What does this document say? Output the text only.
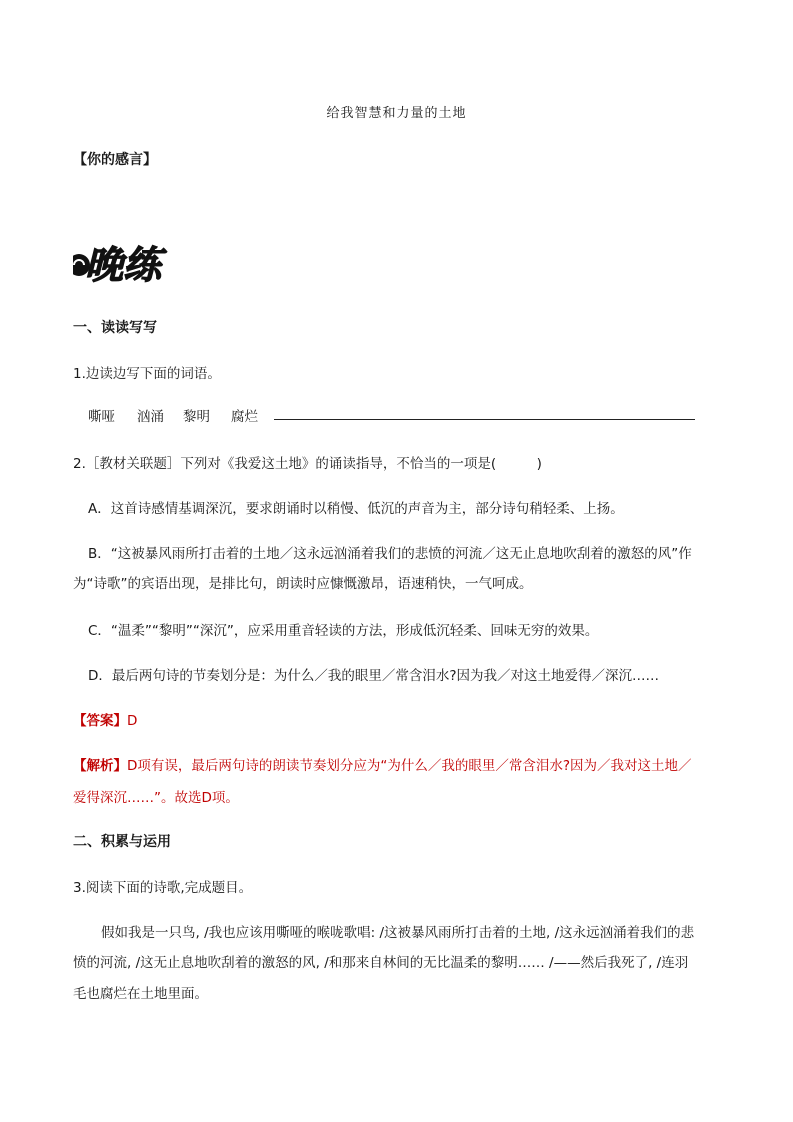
给我智慧和力量的土地
【你的感言】
晚练
一、读读写写
1.边读边写下面的词语。
嘶哑 汹涌 黎明 腐烂
2.［教材关联题］下列对《我爱这土地》的诵读指导，不恰当的一项是(　　　)
A．这首诗感情基调深沉，要求朗诵时以稍慢、低沉的声音为主，部分诗句稍轻柔、上扬。
B．“这被暴风雨所打击着的土地／这永远汹涌着我们的悲愤的河流／这无止息地吹刮着的激怒的风”作
为“诗歌”的宾语出现，是排比句，朗读时应慷慨激昂，语速稍快，一气呵成。
C．“温柔”“黎明”“深沉”，应采用重音轻读的方法，形成低沉轻柔、回味无穷的效果。
D．最后两句诗的节奏划分是：为什么／我的眼里／常含泪水?因为我／对这土地爱得／深沉……
【答案】D
【解析】D项有误，最后两句诗的朗读节奏划分应为“为什么／我的眼里／常含泪水?因为／我对这土地／
爱得深沉……”。故选D项。
二、积累与运用
3.阅读下面的诗歌,完成题目。
假如我是一只鸟, /我也应该用嘶哑的喉咙歌唱: /这被暴风雨所打击着的土地, /这永远汹涌着我们的悲
愤的河流, /这无止息地吹刮着的激怒的风, /和那来自林间的无比温柔的黎明…… /——然后我死了, /连羽
毛也腐烂在土地里面。
